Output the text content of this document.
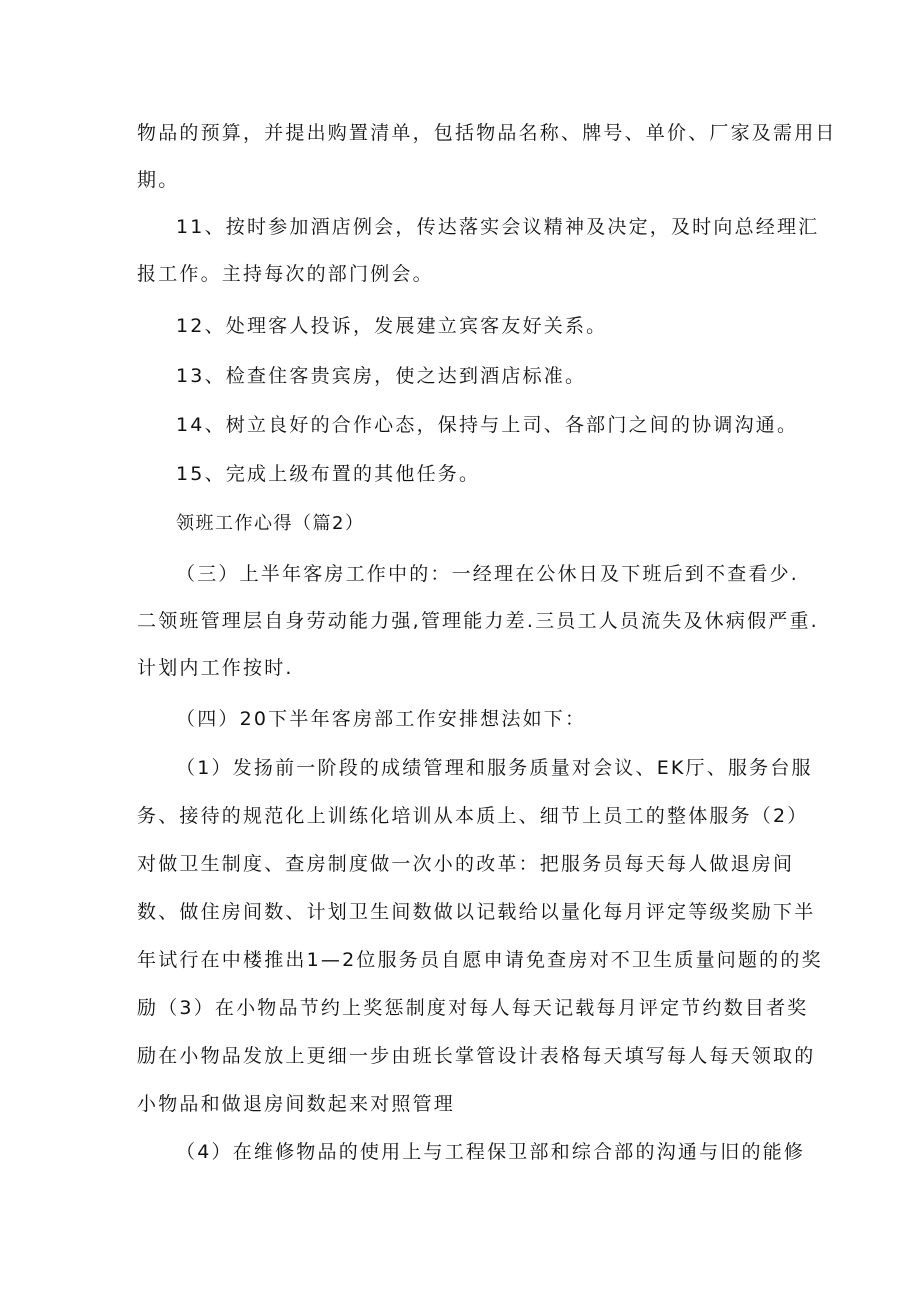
物品的预算，并提出购置清单，包括物品名称、牌号、单价、厂家及需用日
期。
11、按时参加酒店例会，传达落实会议精神及决定，及时向总经理汇
报工作。主持每次的部门例会。
12、处理客人投诉，发展建立宾客友好关系。
13、检查住客贵宾房，使之达到酒店标准。
14、树立良好的合作心态，保持与上司、各部门之间的协调沟通。
15、完成上级布置的其他任务。
领班工作心得（篇2）
（三）上半年客房工作中的：一经理在公休日及下班后到不查看少.
二领班管理层自身劳动能力强,管理能力差.三员工人员流失及休病假严重.
计划内工作按时.
（四）20下半年客房部工作安排想法如下：
（1）发扬前一阶段的成绩管理和服务质量对会议、EK厅、服务台服
务、接待的规范化上训练化培训从本质上、细节上员工的整体服务（2）
对做卫生制度、查房制度做一次小的改革：把服务员每天每人做退房间
数、做住房间数、计划卫生间数做以记载给以量化每月评定等级奖励下半
年试行在中楼推出1—2位服务员自愿申请免查房对不卫生质量问题的的奖
励（3）在小物品节约上奖惩制度对每人每天记载每月评定节约数目者奖
励在小物品发放上更细一步由班长掌管设计表格每天填写每人每天领取的
小物品和做退房间数起来对照管理
（4）在维修物品的使用上与工程保卫部和综合部的沟通与旧的能修
